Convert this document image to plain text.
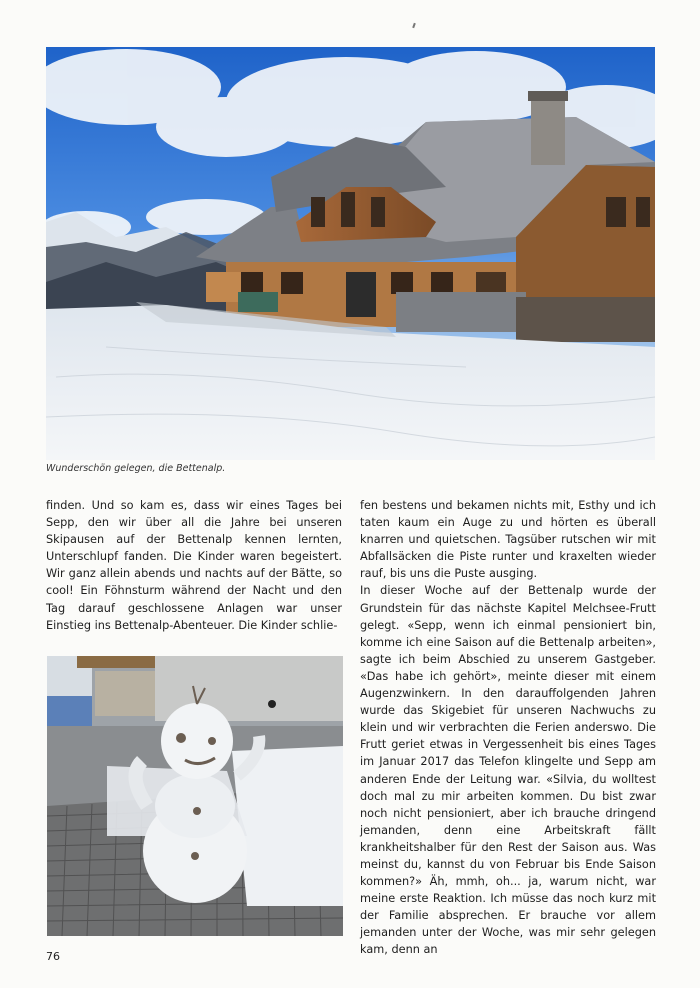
Wunderschön gelegen, die Bettenalp.

finden. Und so kam es, dass wir eines Tages bei Sepp, den wir über all die Jahre bei unseren Skipausen auf der Bettenalp kennen lernten, Unterschlupf fanden. Die Kinder waren begeistert. Wir ganz allein abends und nachts auf der Bätte, so cool! Ein Föhnsturm während der Nacht und den Tag darauf geschlossene Anlagen war unser Einstieg ins Bettenalp-Abenteuer. Die Kinder schlie-

fen bestens und bekamen nichts mit, Esthy und ich taten kaum ein Auge zu und hörten es überall knarren und quietschen. Tagsüber rutschen wir mit Abfallsäcken die Piste runter und kraxelten wieder rauf, bis uns die Puste ausging.

In dieser Woche auf der Bettenalp wurde der Grundstein für das nächste Kapitel Melchsee-Frutt gelegt. «Sepp, wenn ich einmal pensioniert bin, komme ich eine Saison auf die Bettenalp arbeiten», sagte ich beim Abschied zu unserem Gastgeber. «Das habe ich gehört», meinte dieser mit einem Augenzwinkern. In den darauffolgenden Jahren wurde das Skigebiet für unseren Nachwuchs zu klein und wir verbrachten die Ferien anderswo. Die Frutt geriet etwas in Vergessenheit bis eines Tages im Januar 2017 das Telefon klingelte und Sepp am anderen Ende der Leitung war. «Silvia, du wolltest doch mal zu mir arbeiten kommen. Du bist zwar noch nicht pensioniert, aber ich brauche dringend jemanden, denn eine Arbeitskraft fällt krankheitshalber für den Rest der Saison aus. Was meinst du, kannst du von Februar bis Ende Saison kommen?» Äh, mmh, oh... ja, warum nicht, war meine erste Reaktion. Ich müsse das noch kurz mit der Familie absprechen. Er brauche vor allem jemanden unter der Woche, was mir sehr gelegen kam, denn an

76
